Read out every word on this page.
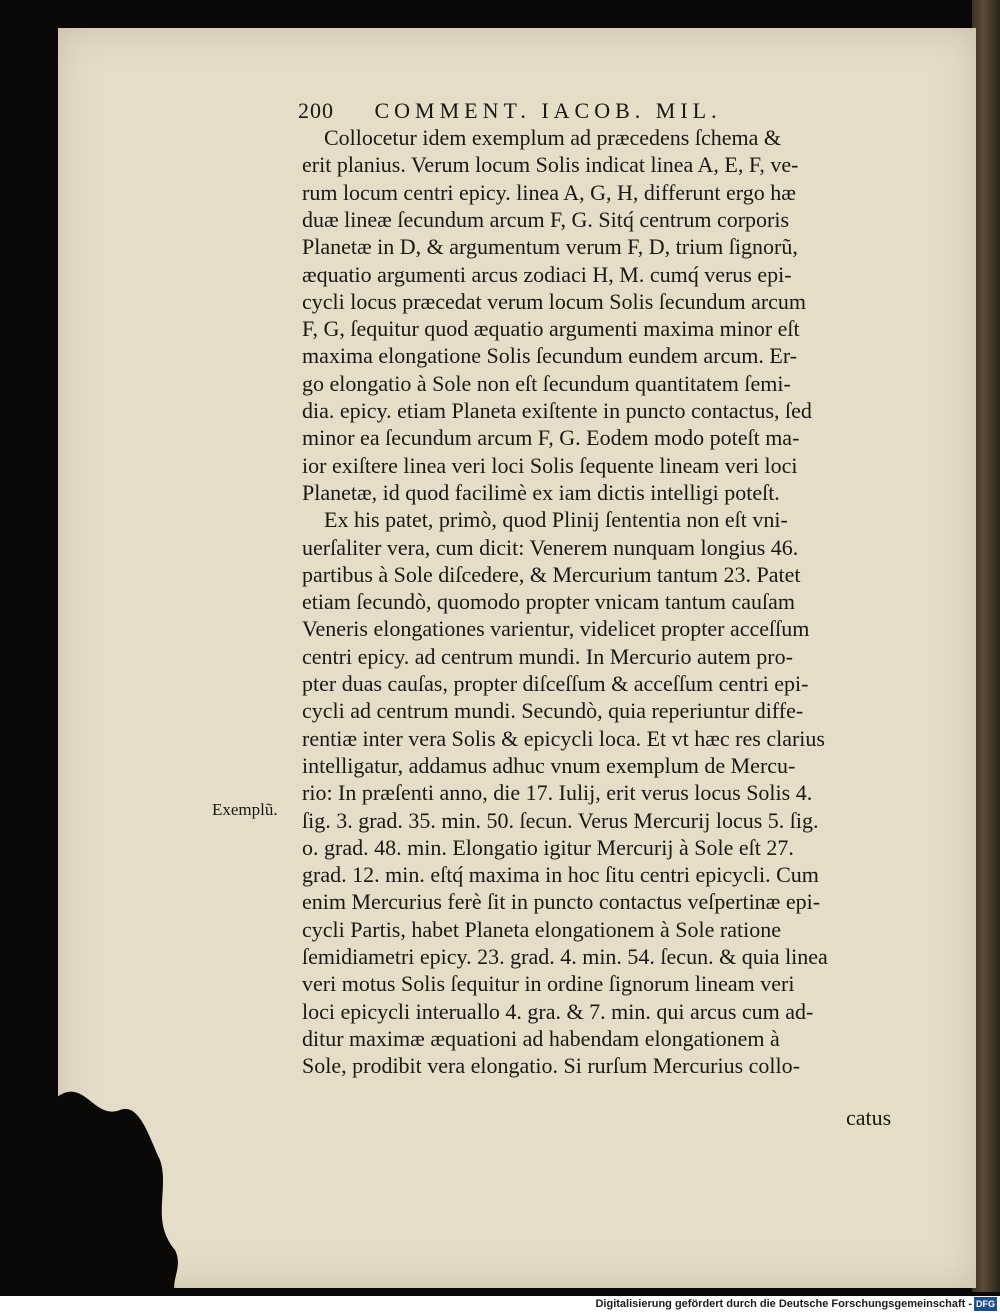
200 COMMENT. IACOB. MIL.
Collocetur idem exemplum ad præcedens ſchema &
erit planius. Verum locum Solis indicat linea A, E, F, ve-
rum locum centri epicy. linea A, G, H, differunt ergo hæ
duæ lineæ ſecundum arcum F, G. Sitq́ centrum corporis
Planetæ in D, & argumentum verum F, D, trium ſignorũ,
æquatio argumenti arcus zodiaci H, M. cumq́ verus epi-
cycli locus præcedat verum locum Solis ſecundum arcum
F, G, ſequitur quod æquatio argumenti maxima minor eſt
maxima elongatione Solis ſecundum eundem arcum. Er-
go elongatio à Sole non eſt ſecundum quantitatem ſemi-
dia. epicy. etiam Planeta exiſtente in puncto contactus, ſed
minor ea ſecundum arcum F, G. Eodem modo poteſt ma-
ior exiſtere linea veri loci Solis ſequente lineam veri loci
Planetæ, id quod facilimè ex iam dictis intelligi poteſt.
Ex his patet, primò, quod Plinij ſententia non eſt vni-
uerſaliter vera, cum dicit: Venerem nunquam longius 46.
partibus à Sole diſcedere, & Mercurium tantum 23. Patet
etiam ſecundò, quomodo propter vnicam tantum cauſam
Veneris elongationes varientur, videlicet propter acceſſum
centri epicy. ad centrum mundi. In Mercurio autem pro-
pter duas cauſas, propter diſceſſum & acceſſum centri epi-
cycli ad centrum mundi. Secundò, quia reperiuntur diffe-
rentiæ inter vera Solis & epicycli loca. Et vt hæc res clarius
intelligatur, addamus adhuc vnum exemplum de Mercu-
rio: In præſenti anno, die 17. Iulij, erit verus locus Solis 4.
ſig. 3. grad. 35. min. 50. ſecun. Verus Mercurij locus 5. ſig.
o. grad. 48. min. Elongatio igitur Mercurij à Sole eſt 27.
grad. 12. min. eſtq́ maxima in hoc ſitu centri epicycli. Cum
enim Mercurius ferè ſit in puncto contactus veſpertinæ epi-
cycli Partis, habet Planeta elongationem à Sole ratione
ſemidiametri epicy. 23. grad. 4. min. 54. ſecun. & quia linea
veri motus Solis ſequitur in ordine ſignorum lineam veri
loci epicycli interuallo 4. gra. & 7. min. qui arcus cum ad-
ditur maximæ æquationi ad habendam elongationem à
Sole, prodibit vera elongatio. Si rurſum Mercurius collo-
Exemplũ.
catus
Digitalisierung gefördert durch die Deutsche Forschungsgemeinschaft - DFG
